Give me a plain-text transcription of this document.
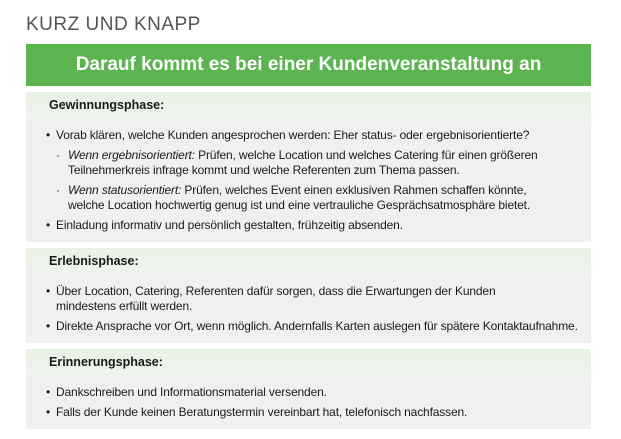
KURZ UND KNAPP
Darauf kommt es bei einer Kundenveranstaltung an
Gewinnungsphase:
• Vorab klären, welche Kunden angesprochen werden: Eher status- oder ergebnisorientierte?
· Wenn ergebnisorientiert: Prüfen, welche Location und welches Catering für einen größeren Teilnehmerkreis infrage kommt und welche Referenten zum Thema passen.
· Wenn statusorientiert: Prüfen, welches Event einen exklusiven Rahmen schaffen könnte, welche Location hochwertig genug ist und eine vertrauliche Gesprächsatmosphäre bietet.
• Einladung informativ und persönlich gestalten, frühzeitig absenden.
Erlebnisphase:
• Über Location, Catering, Referenten dafür sorgen, dass die Erwartungen der Kunden mindestens erfüllt werden.
• Direkte Ansprache vor Ort, wenn möglich. Andernfalls Karten auslegen für spätere Kontaktaufnahme.
Erinnerungsphase:
• Dankschreiben und Informationsmaterial versenden.
• Falls der Kunde keinen Beratungstermin vereinbart hat, telefonisch nachfassen.
